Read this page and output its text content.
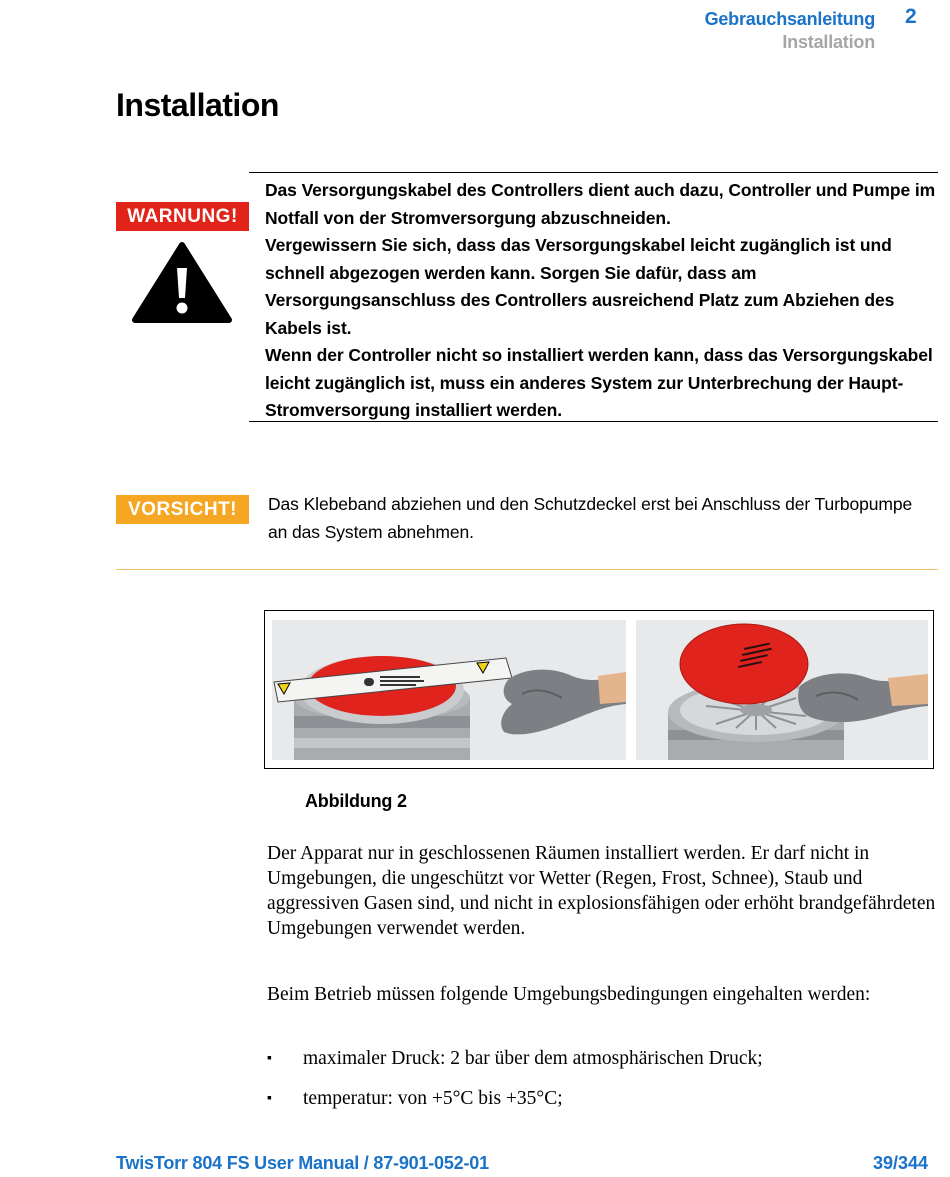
Gebrauchsanleitung 2
Installation
Installation
WARNUNG!

Das Versorgungskabel des Controllers dient auch dazu, Controller und Pumpe im Notfall von der Stromversorgung abzuschneiden.

Vergewissern Sie sich, dass das Versorgungskabel leicht zugänglich ist und schnell abgezogen werden kann. Sorgen Sie dafür, dass am Versorgungsanschluss des Controllers ausreichend Platz zum Abziehen des Kabels ist.

Wenn der Controller nicht so installiert werden kann, dass das Versorgungskabel leicht zugänglich ist, muss ein anderes System zur Unterbrechung der Haupt-Stromversorgung installiert werden.

VORSICHT!	Das Klebeband abziehen und den Schutzdeckel erst bei Anschluss der Turbopumpe an das System abnehmen.
Abbildung 2

Der Apparat nur in geschlossenen Räumen installiert werden. Er darf nicht in Umgebungen, die ungeschützt vor Wetter (Regen, Frost, Schnee), Staub und aggressiven Gasen sind, und nicht in explosionsfähigen oder erhöht brandgefährdeten Umgebungen verwendet werden.

Beim Betrieb müssen folgende Umgebungsbedingungen eingehalten werden:

▪ maximaler Druck: 2 bar über dem atmosphärischen Druck;
▪ temperatur: von +5°C bis +35°C;
TwisTorr 804 FS User Manual / 87-901-052-01	39/344
